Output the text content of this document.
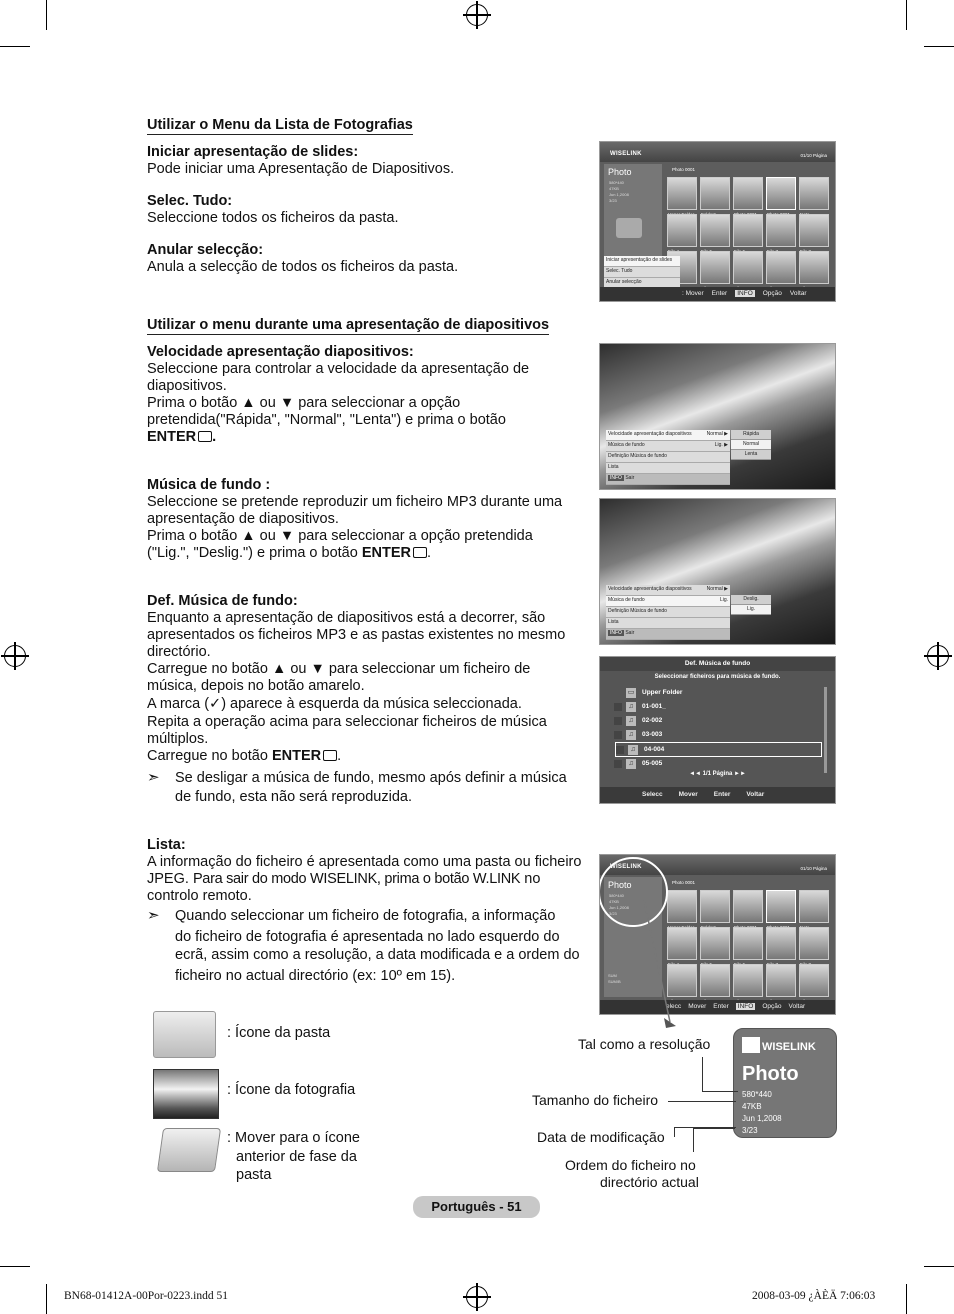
Utilizar o Menu da Lista de Fotografias
Iniciar apresentação de slides:
Pode iniciar uma Apresentação de Diapositivos.
Selec. Tudo:
Seleccione todos os ficheiros da pasta.
Anular selecção:
Anula a selecção de todos os ficheiros da pasta.
WISELINK	01/10 Página
Photo
580*440
47KB
Jun 1,2008
3/23
Photo 0001
Iniciar apresentação de slides
Selec. Tudo
Anular selecção
: Mover Enter	INFO	Opção Voltar
Utilizar o menu durante uma apresentação de diapositivos
Velocidade apresentação diapositivos:
Seleccione para controlar a velocidade da apresentação de
diapositivos.
Prima o botão ▲ ou ▼ para seleccionar a opção
pretendida("Rápida", "Normal", "Lenta") e prima o botão
ENTER .
Música de fundo :
Seleccione se pretende reproduzir um ficheiro MP3 durante uma
apresentação de diapositivos.
Prima o botão ▲ ou ▼ para seleccionar a opção pretendida
("Lig.", "Deslig.") e prima o botão ENTER .
Def. Música de fundo:
Enquanto a apresentação de diapositivos está a decorrer, são
apresentados os ficheiros MP3 e as pastas existentes no mesmo
directório.
Carregue no botão ▲ ou ▼ para seleccionar um ficheiro de
música, depois no botão amarelo.
A marca (✓) aparece à esquerda da música seleccionada.
Repita a operação acima para seleccionar ficheiros de música
múltiplos.
Carregue no botão ENTER .
➣ Se desligar a música de fundo, mesmo após definir a música
de fundo, esta não será reproduzida.
Velocidade apresentação diapositivos	Normal ▶
Música de fundo	Lig. ▶
Definição Música de fundo
Lista
INFO Sair
Rápida
Normal
Lenta
Velocidade apresentação diapositivos	Normal ▶
Música de fundo	Lig.
Definição Música de fundo
Lista
INFO Sair
Deslig.
Lig.
Def. Música de fundo
Seleccionar ficheiros para música de fundo.
▭ Upper Folder
♫	01-001_
♫	02-002
♫	03-003
♫	04-004
♫	05-005
◄◄ 1/1 Página ►►
Selecc Mover Enter Voltar
Lista:
A informação do ficheiro é apresentada como uma pasta ou ficheiro
JPEG. Para sair do modo WISELINK, prima o botão W.LINK no
controlo remoto.
➣ Quando seleccionar um ficheiro de fotografia, a informação
do ficheiro de fotografia é apresentada no lado esquerdo do
ecrã, assim como a resolução, a data modificada e a ordem do
ficheiro no actual directório (ex: 10º em 15).
WISELINK	01/10 Página
Photo
580*440
47KB
Jun 1,2008
3/23
SUM
SUM/B
Photo 0001
elecc Mover Enter	INFO	Opção Voltar
WISELINK
Photo
580*440
47KB
Jun 1,2008
3/23
Tal como a resolução
Tamanho do ficheiro
Data de modificação
Ordem do ficheiro no
directório actual
: Ícone da pasta
: Ícone da fotografia
: Mover para o ícone
anterior de fase da
pasta
Português - 51
BN68-01412A-00Por-0223.indd 51	2008-03-09 ¿ÀÈÄ 7:06:03
